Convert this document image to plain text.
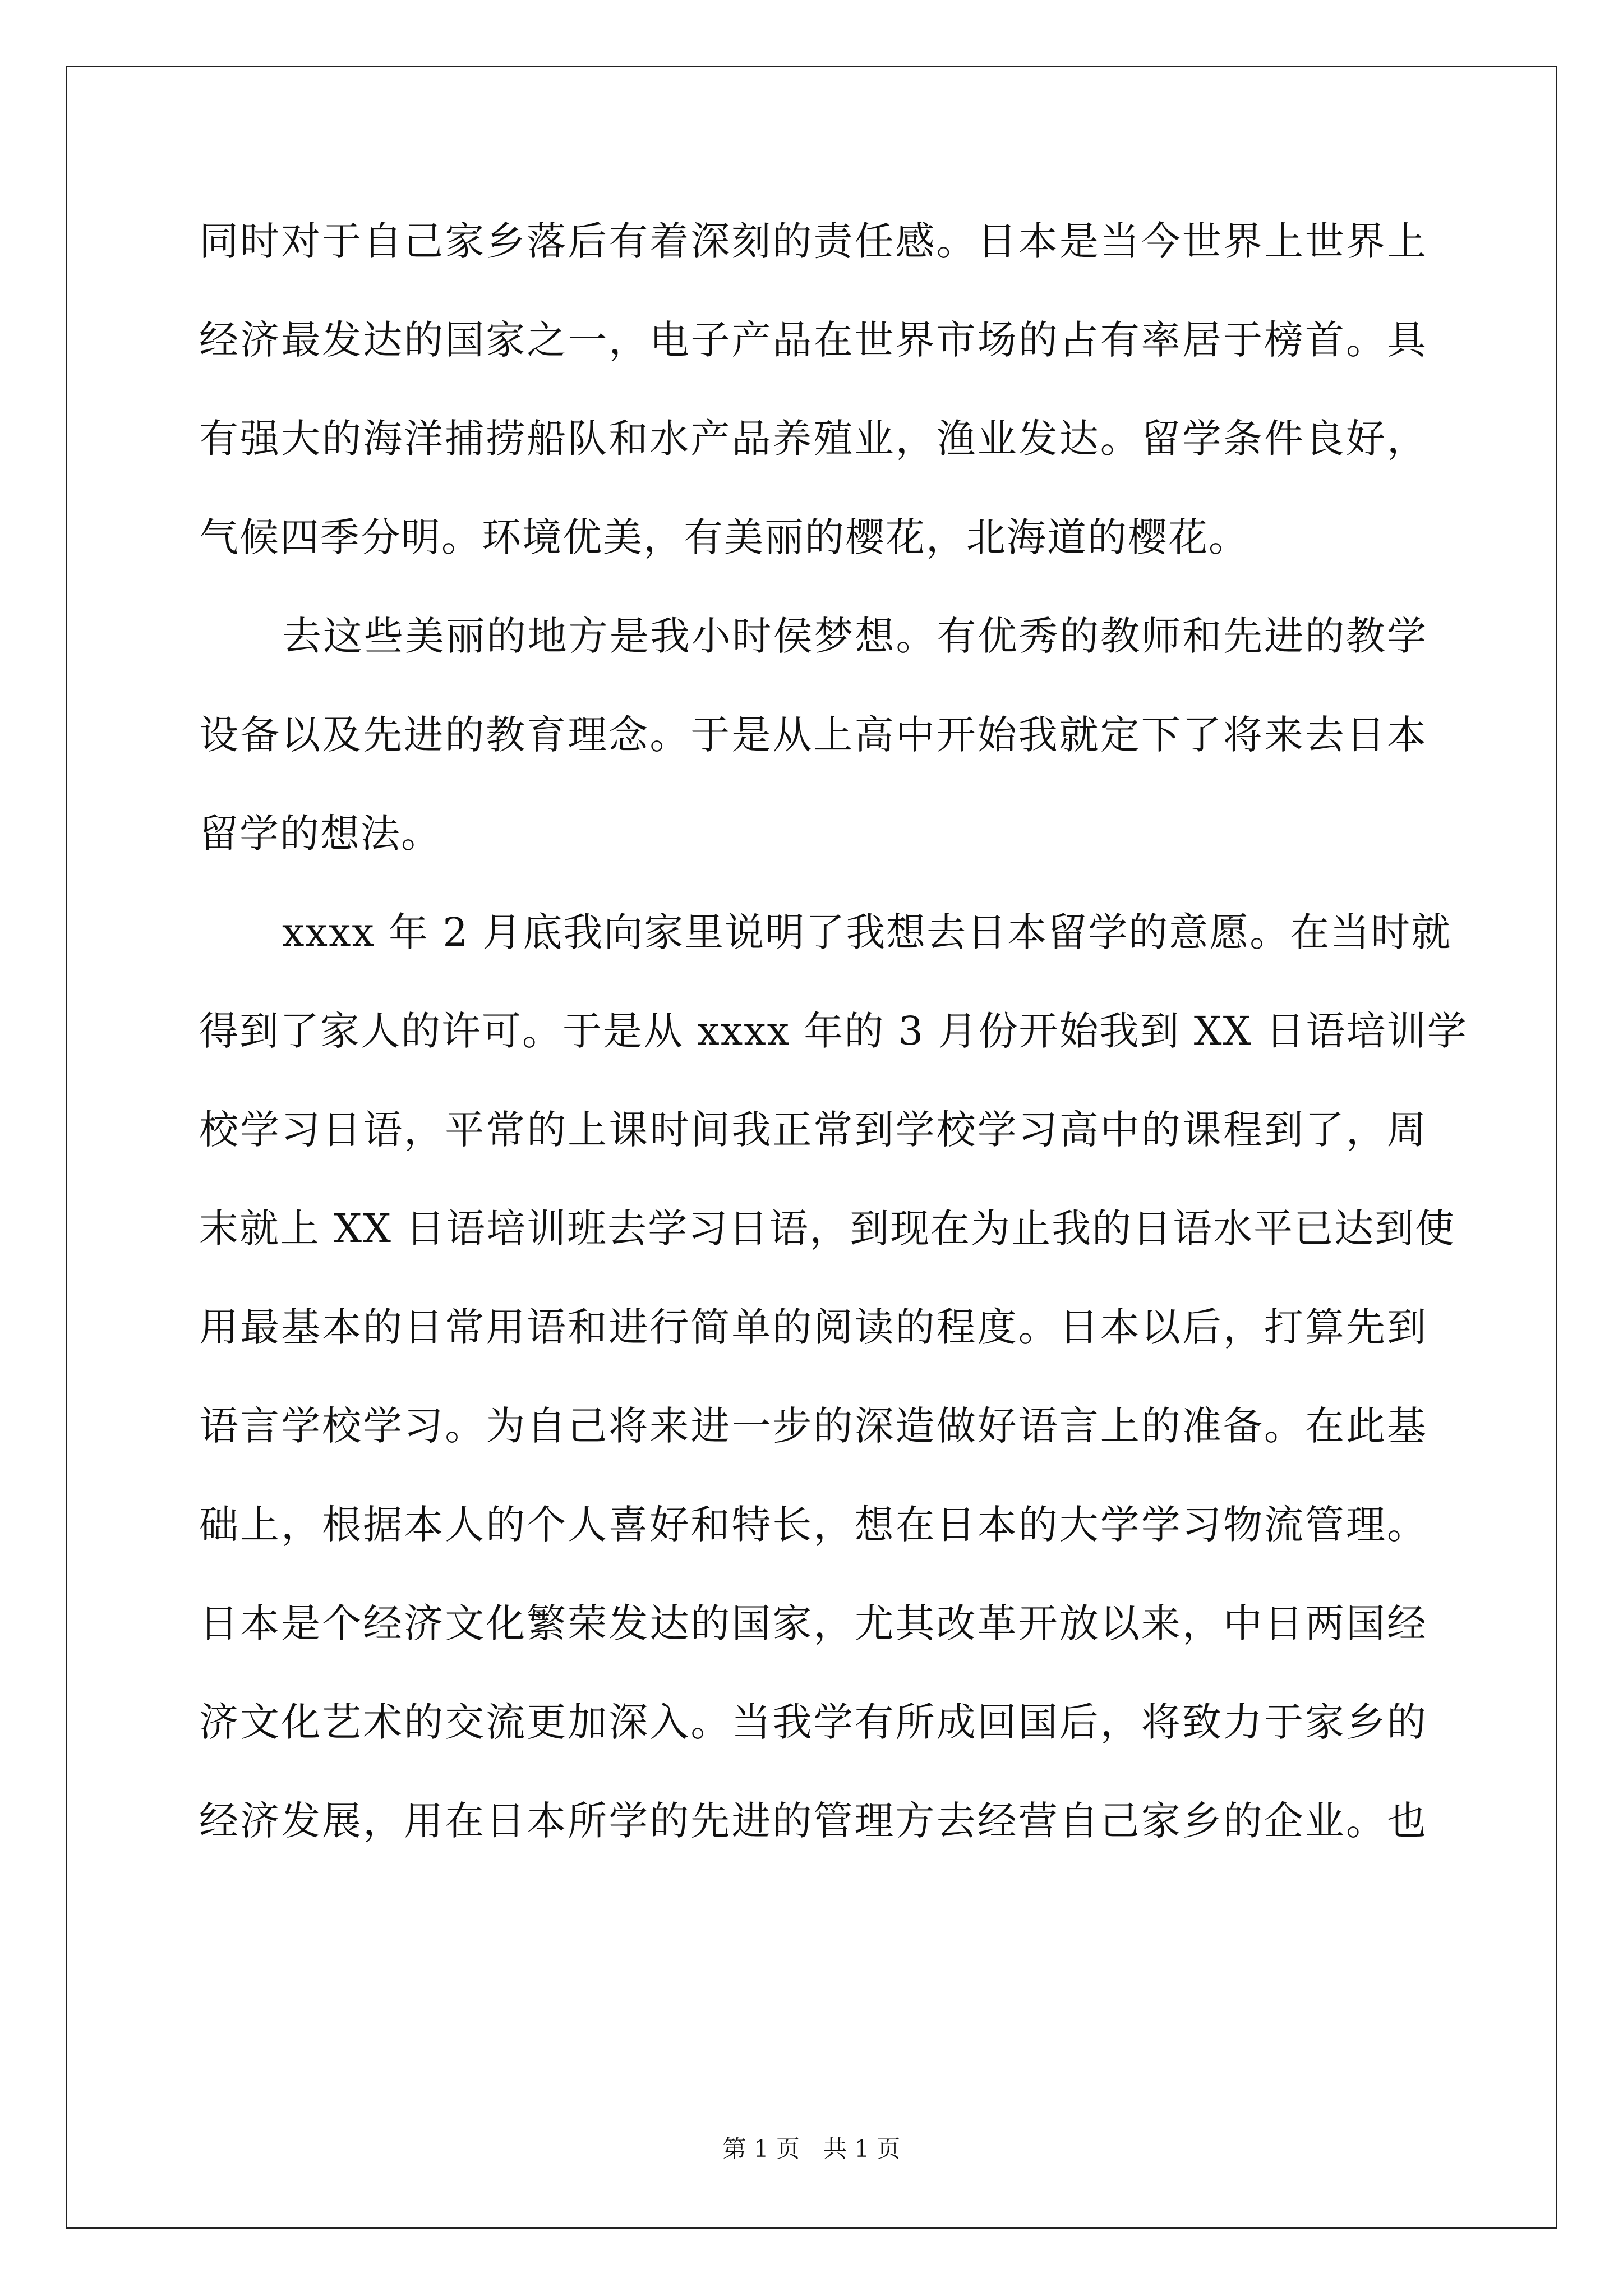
同时对于自己家乡落后有着深刻的责任感。日本是当今世界上世界上
经济最发达的国家之一，电子产品在世界市场的占有率居于榜首。具
有强大的海洋捕捞船队和水产品养殖业，渔业发达。留学条件良好，
气候四季分明。环境优美，有美丽的樱花，北海道的樱花。
去这些美丽的地方是我小时侯梦想。有优秀的教师和先进的教学
设备以及先进的教育理念。于是从上高中开始我就定下了将来去日本
留学的想法。
xxxx 年 2 月底我向家里说明了我想去日本留学的意愿。在当时就
得到了家人的许可。于是从 xxxx 年的 3 月份开始我到 XX 日语培训学
校学习日语，平常的上课时间我正常到学校学习高中的课程到了，周
末就上 XX 日语培训班去学习日语，到现在为止我的日语水平已达到使
用最基本的日常用语和进行简单的阅读的程度。日本以后，打算先到
语言学校学习。为自己将来进一步的深造做好语言上的准备。在此基
础上，根据本人的个人喜好和特长，想在日本的大学学习物流管理。
日本是个经济文化繁荣发达的国家，尤其改革开放以来，中日两国经
济文化艺术的交流更加深入。当我学有所成回国后，将致力于家乡的
经济发展，用在日本所学的先进的管理方去经营自己家乡的企业。也
第 1 页　共 1 页
